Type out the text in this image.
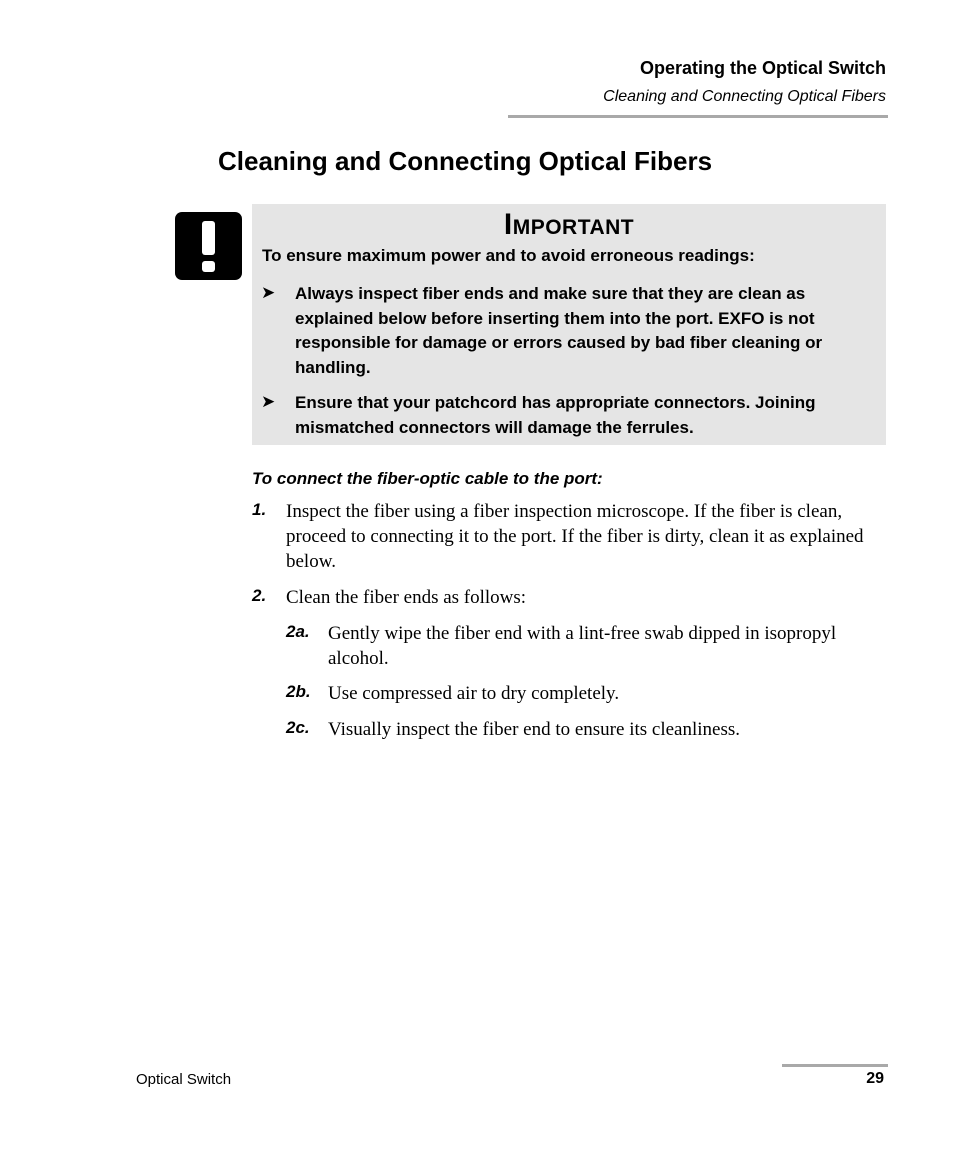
Operating the Optical Switch
Cleaning and Connecting Optical Fibers
Cleaning and Connecting Optical Fibers
Important
To ensure maximum power and to avoid erroneous readings:
➤ Always inspect fiber ends and make sure that they are clean as explained below before inserting them into the port. EXFO is not responsible for damage or errors caused by bad fiber cleaning or handling.
➤ Ensure that your patchcord has appropriate connectors. Joining mismatched connectors will damage the ferrules.
To connect the fiber-optic cable to the port:
1. Inspect the fiber using a fiber inspection microscope. If the fiber is clean, proceed to connecting it to the port. If the fiber is dirty, clean it as explained below.
2. Clean the fiber ends as follows:
2a. Gently wipe the fiber end with a lint-free swab dipped in isopropyl alcohol.
2b. Use compressed air to dry completely.
2c. Visually inspect the fiber end to ensure its cleanliness.
Optical Switch	29
